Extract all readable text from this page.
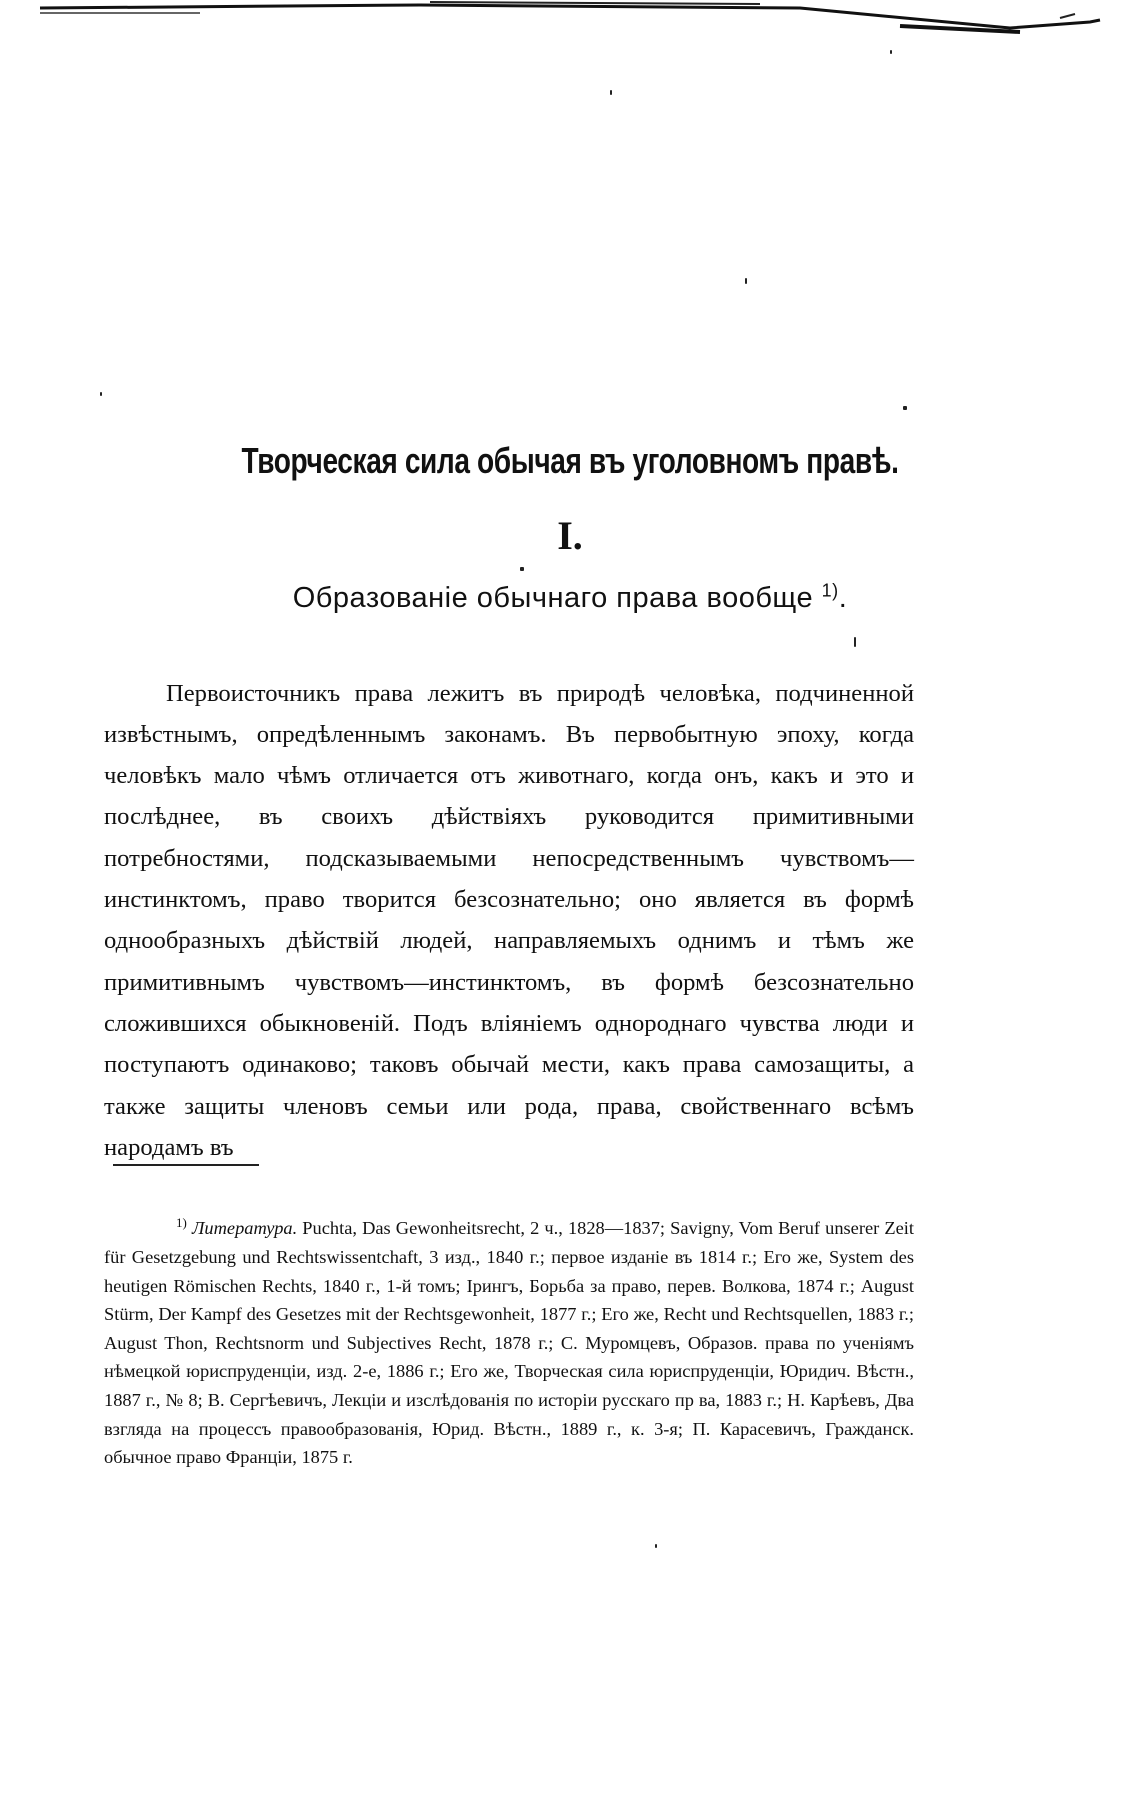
Творческая сила обычая въ уголовномъ правѣ.
I.
Образованіе обычнаго права вообще $^{1)}$.

Первоисточникъ права лежитъ въ природѣ человѣка, подчиненной извѣстнымъ, опредѣленнымъ законамъ. Въ первобытную эпоху, когда человѣкъ мало чѣмъ отличается отъ животнаго, когда онъ, какъ и это и послѣднее, въ своихъ дѣйствіяхъ руководится примитивными потребностями, подсказываемыми непосредственнымъ чувствомъ—инстинктомъ, право творится безсознательно; оно является въ формѣ однообразныхъ дѣйствій людей, направляемыхъ однимъ и тѣмъ же примитивнымъ чувствомъ—инстинктомъ, въ формѣ безсознательно сложившихся обыкновеній. Подъ вліяніемъ однороднаго чувства люди и поступаютъ одинаково; таковъ обычай мести, какъ права самозащиты, а также защиты членовъ семьи или рода, права, свойственнаго всѣмъ народамъ въ

$^{1)}$ Литература. Puchta, Das Gewonheitsrecht, 2 ч., 1828—1837; Savigny, Vom Beruf unserer Zeit für Gesetzgebung und Rechtswissentchaft, 3 изд., 1840 г.; первое изданіе въ 1814 г.; Его же, System des heutigen Römischen Rechts, 1840 г., 1-й томъ; Ірингъ, Борьба за право, перев. Волкова, 1874 г.; August Stürm, Der Kampf des Gesetzes mit der Rechtsgewonheit, 1877 г.; Его же, Recht und Rechtsquellen, 1883 г.; August Thon, Rechtsnorm und Subjectives Recht, 1878 г.; С. Муромцевъ, Образов. права по ученіямъ нѣмецкой юриспруденціи, изд. 2-е, 1886 г.; Его же, Творческая сила юриспруденціи, Юридич. Вѣстн., 1887 г., № 8; В. Сергѣевичъ, Лекціи и изслѣдованія по исторіи русскаго пр ва, 1883 г.; Н. Карѣевъ, Два взгляда на процессъ правообразованія, Юрид. Вѣстн., 1889 г., к. 3-я; П. Карасевичъ, Гражданск. обычное право Франціи, 1875 г.
